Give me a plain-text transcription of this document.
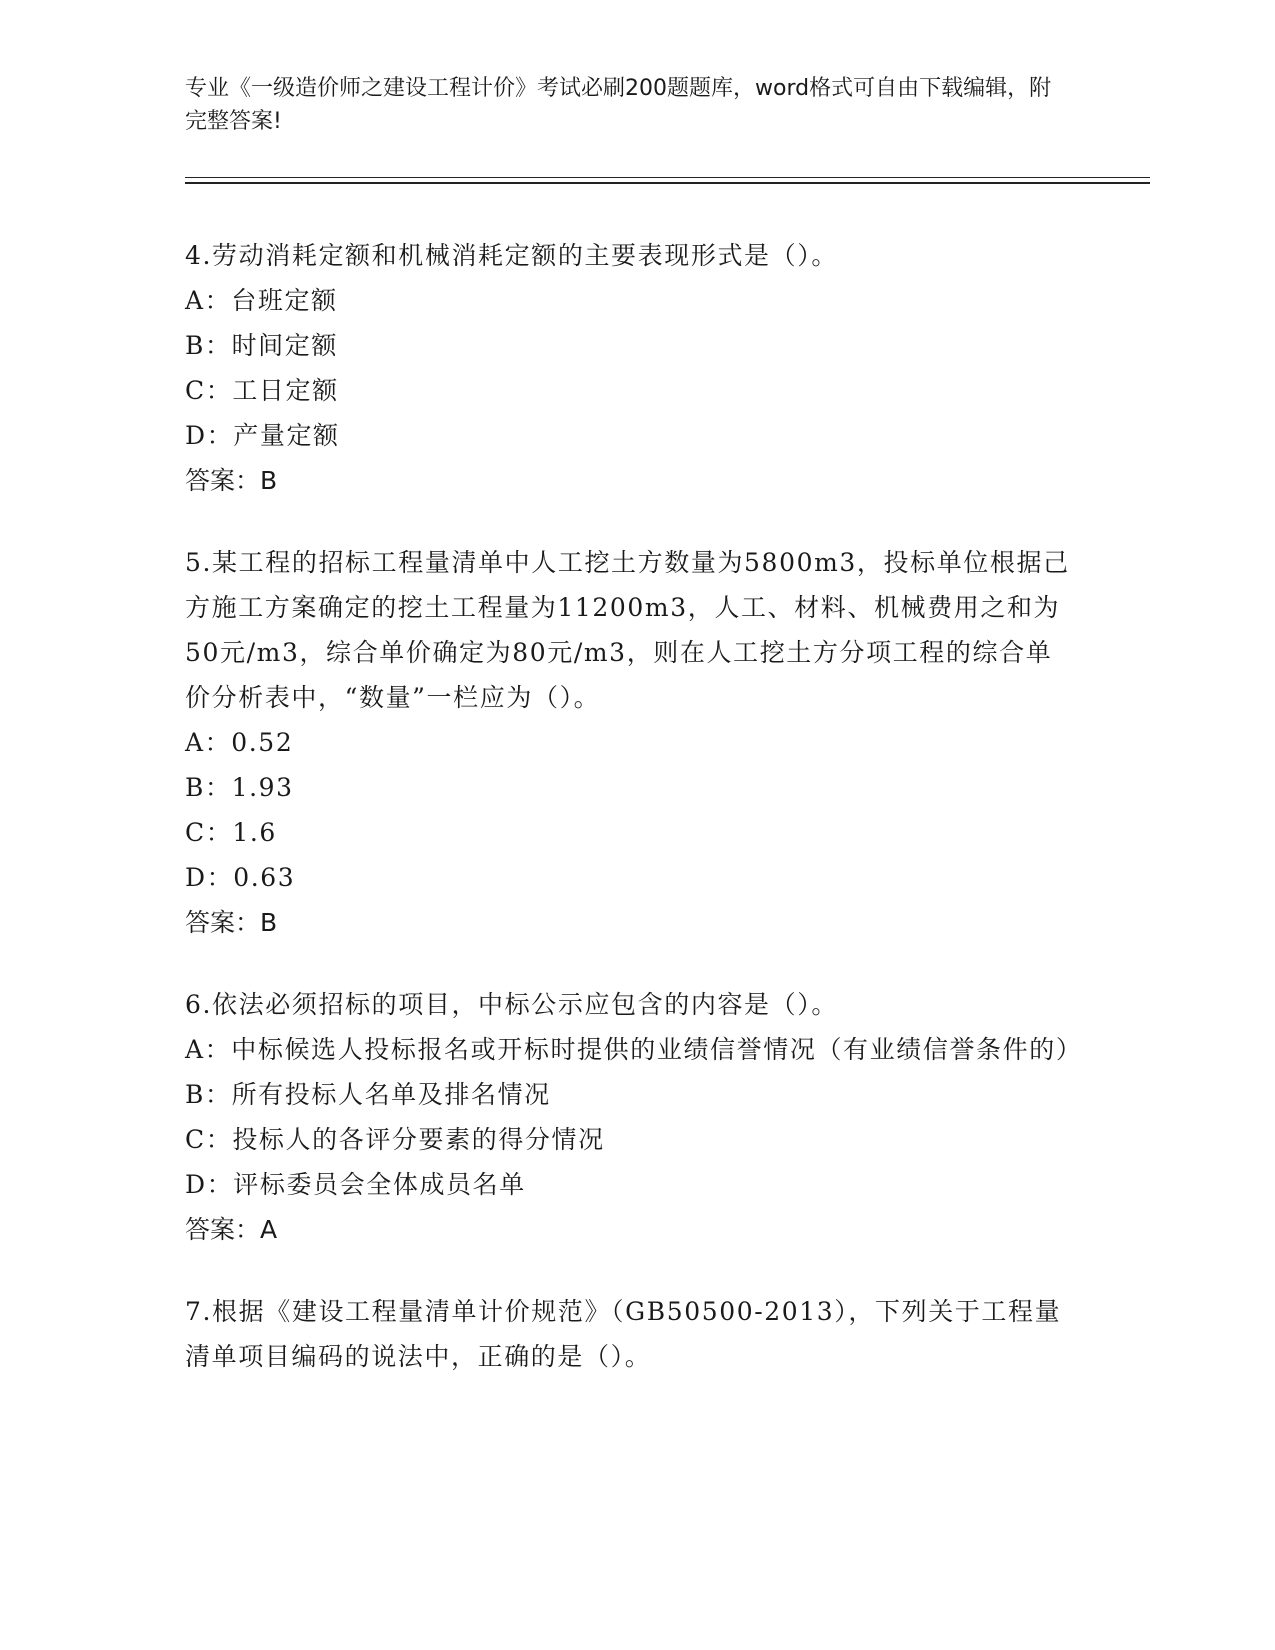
专业《一级造价师之建设工程计价》考试必刷200题题库，word格式可自由下载编辑，附完整答案!

4.劳动消耗定额和机械消耗定额的主要表现形式是（）。

A：台班定额

B：时间定额

C：工日定额

D：产量定额

答案：B

5.某工程的招标工程量清单中人工挖土方数量为5800m3，投标单位根据己方施工方案确定的挖土工程量为11200m3，人工、材料、机械费用之和为50元/m3，综合单价确定为80元/m3，则在人工挖土方分项工程的综合单价分析表中，“数量”一栏应为（）。

A：0.52

B：1.93

C：1.6

D：0.63

答案：B

6.依法必须招标的项目，中标公示应包含的内容是（）。

A：中标候选人投标报名或开标时提供的业绩信誉情况（有业绩信誉条件的）

B：所有投标人名单及排名情况

C：投标人的各评分要素的得分情况

D：评标委员会全体成员名单

答案：A

7.根据《建设工程量清单计价规范》（GB50500-2013），下列关于工程量清单项目编码的说法中，正确的是（）。
